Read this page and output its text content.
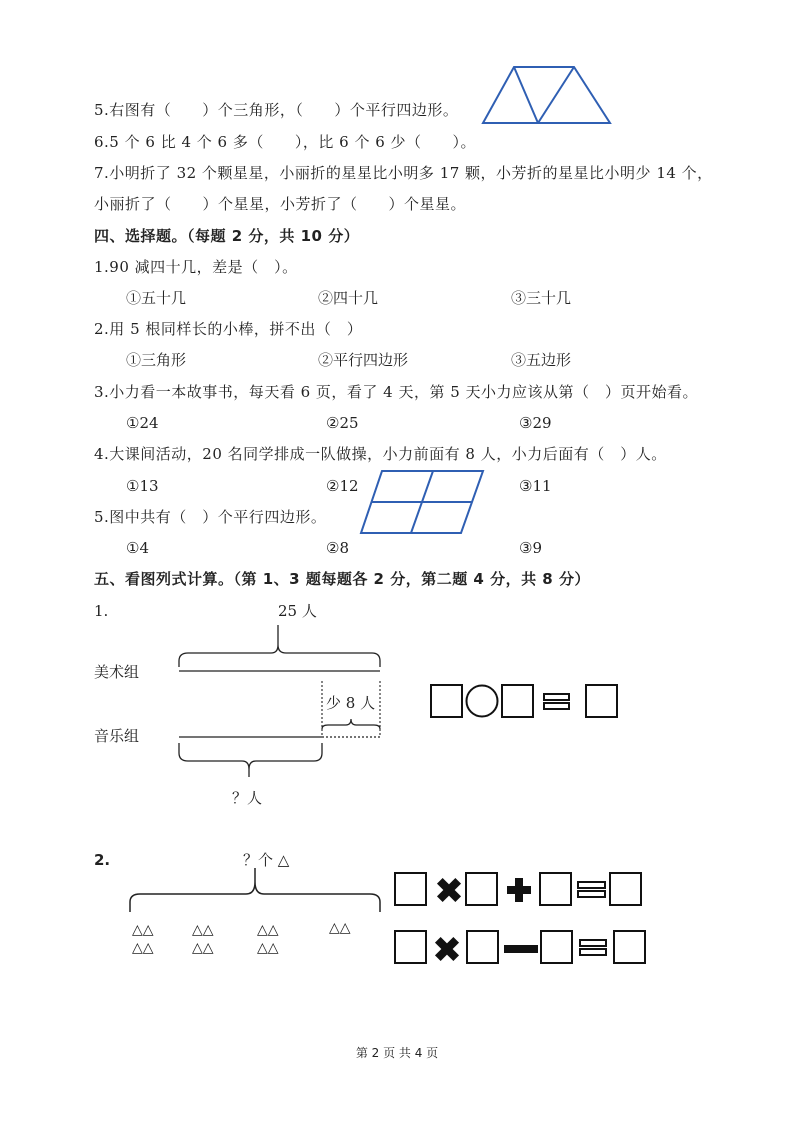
5.右图有（　　）个三角形，（　　）个平行四边形。
6.5 个 6 比 4 个 6 多（　　），比 6 个 6 少（　　）。
7.小明折了 32 个颗星星，小丽折的星星比小明多 17 颗，小芳折的星星比小明少 14 个，
小丽折了（　　）个星星，小芳折了（　　）个星星。
四、选择题。（每题 2 分，共 10 分）
1.90 减四十几，差是（　）。
①五十几	②四十几	③三十几
2.用 5 根同样长的小棒，拼不出（　）
①三角形	②平行四边形	③五边形
3.小力看一本故事书，每天看 6 页，看了 4 天，第 5 天小力应该从第（　）页开始看。
①24	②25	③29
4.大课间活动，20 名同学排成一队做操，小力前面有 8 人，小力后面有（　）人。
①13	②12	③11
5.图中共有（　）个平行四边形。
①4	②8	③9
五、看图列式计算。（第 1、3 题每题各 2 分，第二题 4 分，共 8 分）
1.	25 人
美术组
音乐组
少 8 人
？人
2.	？个 △
△△
△△
△△
△△
△△
△△
△△
第 2 页 共 4 页
